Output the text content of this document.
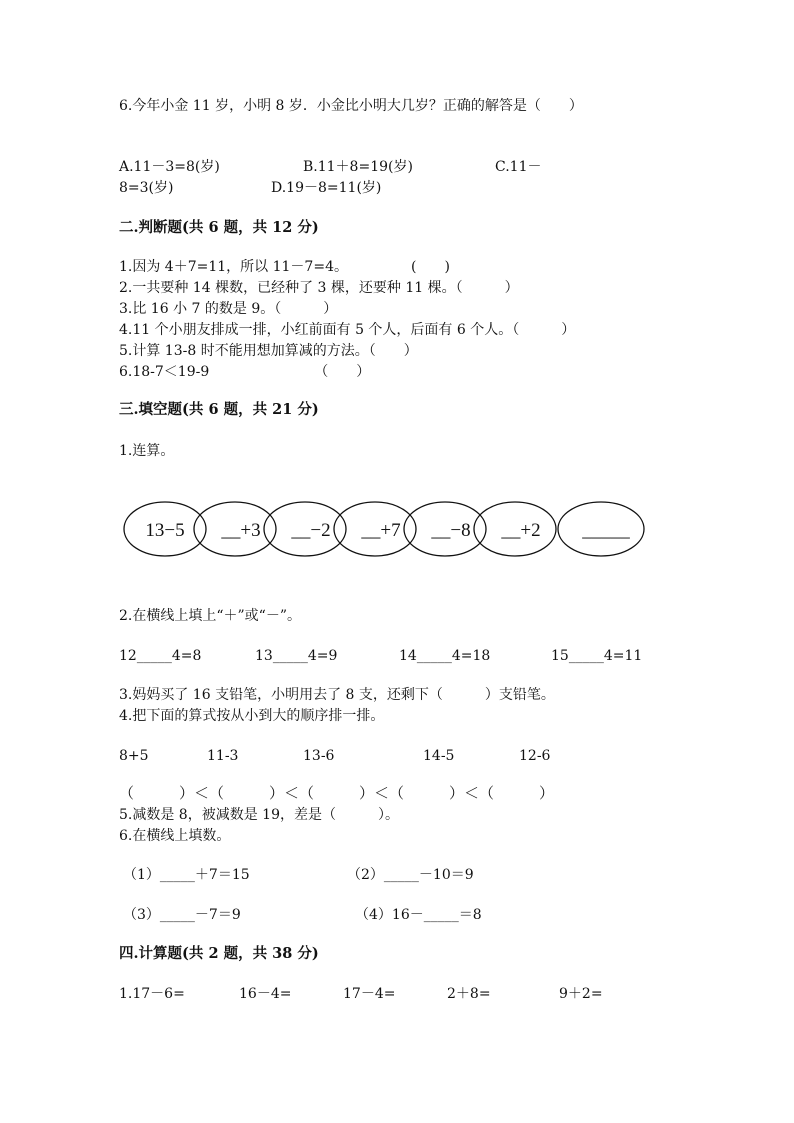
6.今年小金 11 岁，小明 8 岁．小金比小明大几岁？正确的解答是（　　）
A.11－3=8(岁)	B.11＋8=19(岁)	C.11－
8=3(岁)	D.19－8=11(岁)
二.判断题(共 6 题，共 12 分)
1.因为 4＋7=11，所以 11－7=4。　　　　　(　　)
2.一共要种 14 棵数，已经种了 3 棵，还要种 11 棵。（　　　）
3.比 16 小 7 的数是 9。（　　　）
4.11 个小朋友排成一排，小红前面有 5 个人，后面有 6 个人。（　　　）
5.计算 13-8 时不能用想加算减的方法。（　　）
6.18-7＜19-9　　　　　　　　（　　）
三.填空题(共 6 题，共 21 分)
1.连算。
13−5 __+3 __−2 __+7 __−8 __+2 _____
2.在横线上填上“＋”或“－”。
12_____4=8	13_____4=9	14_____4=18	15_____4=11
3.妈妈买了 16 支铅笔，小明用去了 8 支，还剩下（　　　）支铅笔。
4.把下面的算式按从小到大的顺序排一排。
8+5	11-3	13-6	14-5	12-6
（　　　）＜（　　　）＜（　　　）＜（　　　）＜（　　　）
5.减数是 8，被减数是 19，差是（　　　）。
6.在横线上填数。
（1）_____＋7＝15	（2）_____－10＝9
（3）_____－7＝9	（4）16－_____＝8
四.计算题(共 2 题，共 38 分)
1.17－6=	16－4=	17－4=	2＋8=	9＋2=
